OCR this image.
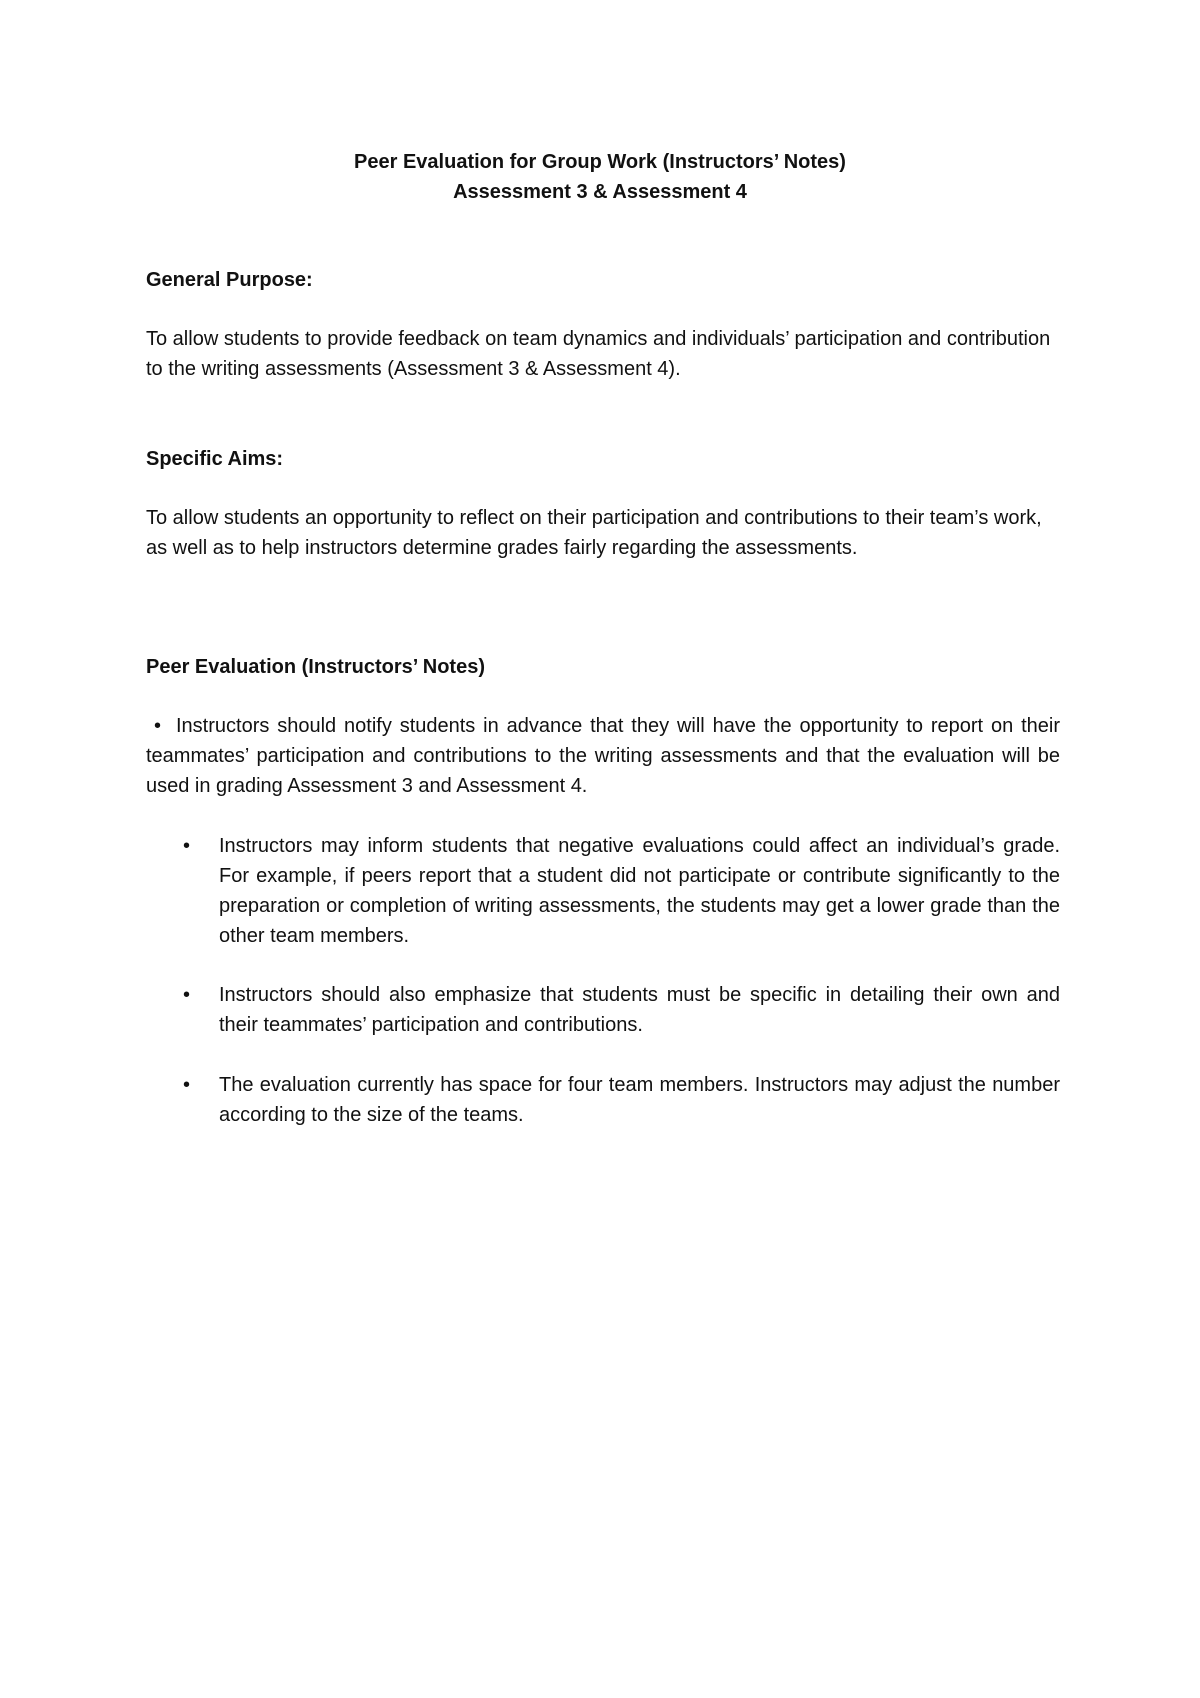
Peer Evaluation for Group Work (Instructors’ Notes)
Assessment 3 & Assessment 4
General Purpose:
To allow students to provide feedback on team dynamics and individuals’ participation and contribution to the writing assessments (Assessment 3 & Assessment 4).
Specific Aims:
To allow students an opportunity to reflect on their participation and contributions to their team’s work, as well as to help instructors determine grades fairly regarding the assessments.
Peer Evaluation (Instructors’ Notes)
• Instructors should notify students in advance that they will have the opportunity to report on their teammates’ participation and contributions to the writing assessments and that the evaluation will be used in grading Assessment 3 and Assessment 4.
• Instructors may inform students that negative evaluations could affect an individual’s grade. For example, if peers report that a student did not participate or contribute significantly to the preparation or completion of writing assessments, the students may get a lower grade than the other team members.
• Instructors should also emphasize that students must be specific in detailing their own and their teammates’ participation and contributions.
• The evaluation currently has space for four team members. Instructors may adjust the number according to the size of the teams.
